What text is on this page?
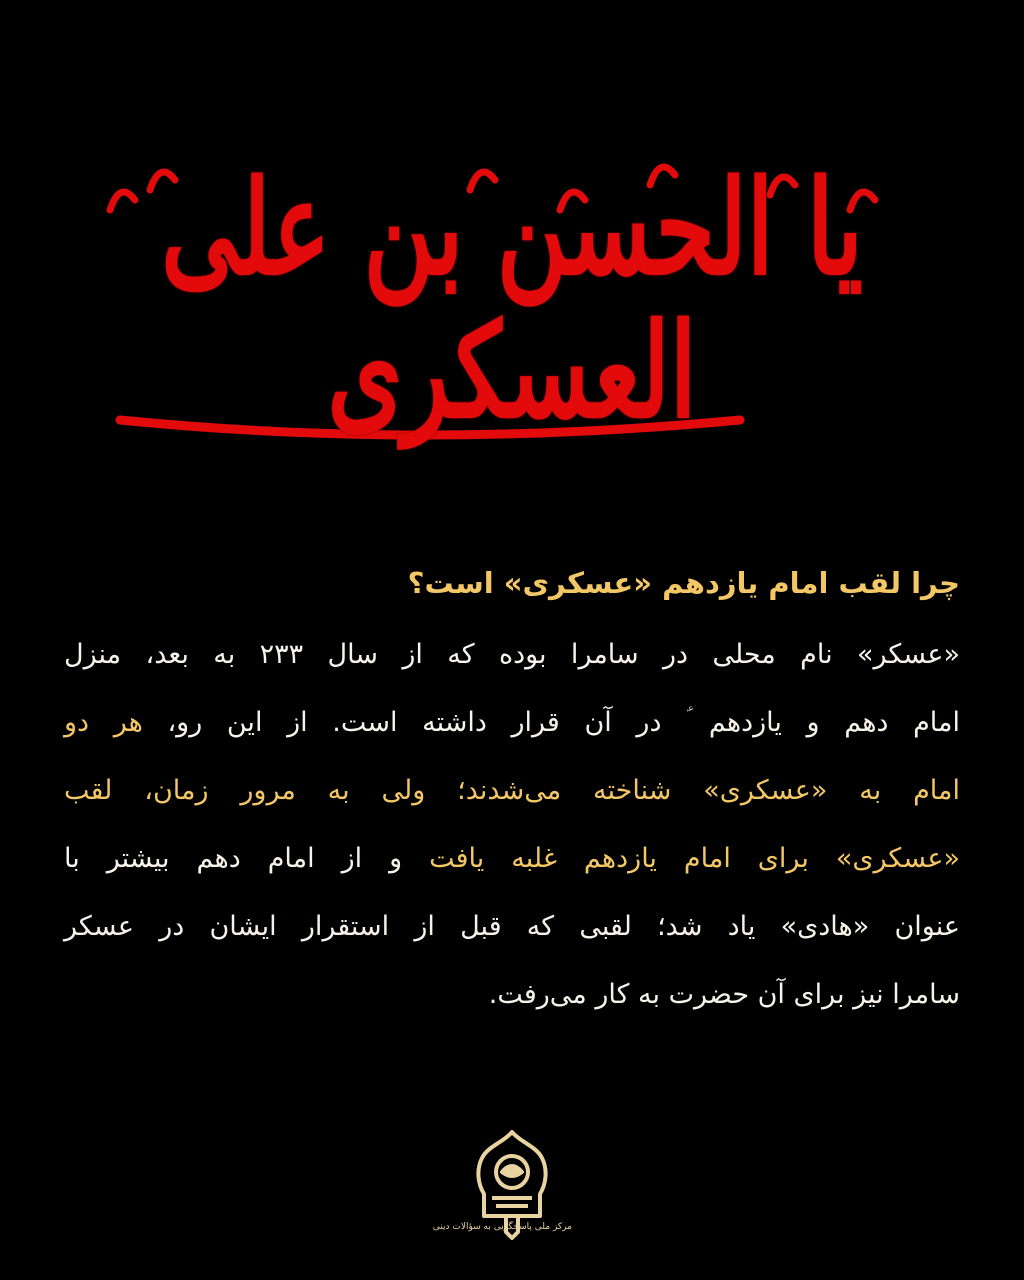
یا الحسن بن علی العسکری
چرا لقب امام یازدهم «عسکری» است؟
«عسکر» نام محلی در سامرا بوده که از سال ۲۳۳ به بعد، منزل
امام دهم و یازدهم ؑ در آن قرار داشته است. از این رو، هر دو
امام به «عسکری» شناخته می‌شدند؛ ولی به مرور زمان، لقب
«عسکری» برای امام یازدهم غلبه یافت و از امام دهم بیشتر با
عنوان «هادی» یاد شد؛ لقبی که قبل از استقرار ایشان در عسکر
سامرا نیز برای آن حضرت به کار می‌رفت.
مرکز ملی پاسخگویی به سؤالات دینی
